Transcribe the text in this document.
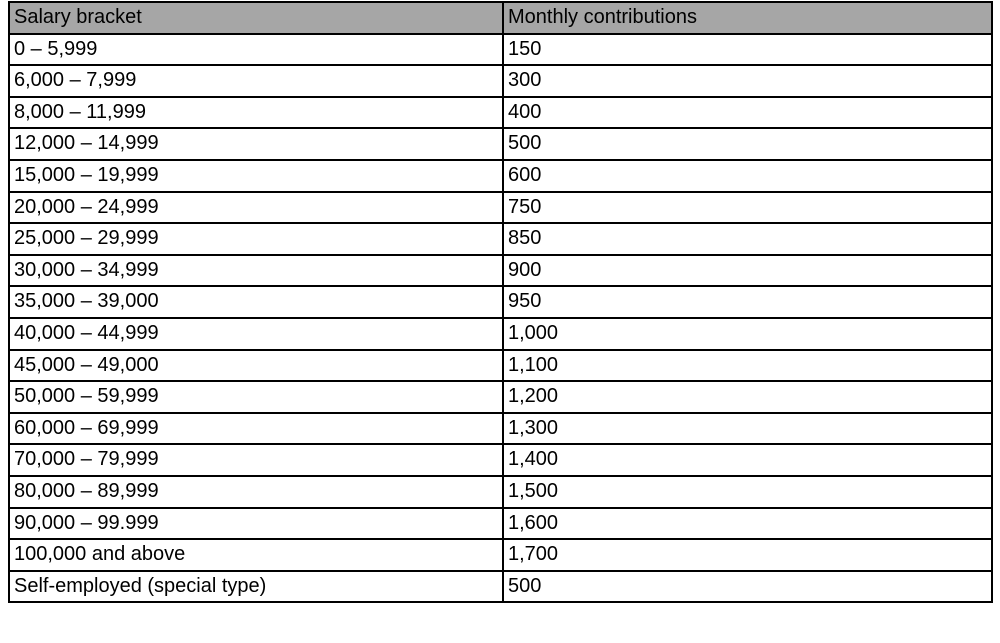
Salary bracket	Monthly contributions
0 – 5,999	150
6,000 – 7,999	300
8,000 – 11,999	400
12,000 – 14,999	500
15,000 – 19,999	600
20,000 – 24,999	750
25,000 – 29,999	850
30,000 – 34,999	900
35,000 – 39,000	950
40,000 – 44,999	1,000
45,000 – 49,000	1,100
50,000 – 59,999	1,200
60,000 – 69,999	1,300
70,000 – 79,999	1,400
80,000 – 89,999	1,500
90,000 – 99.999	1,600
100,000 and above	1,700
Self-employed (special type)	500
